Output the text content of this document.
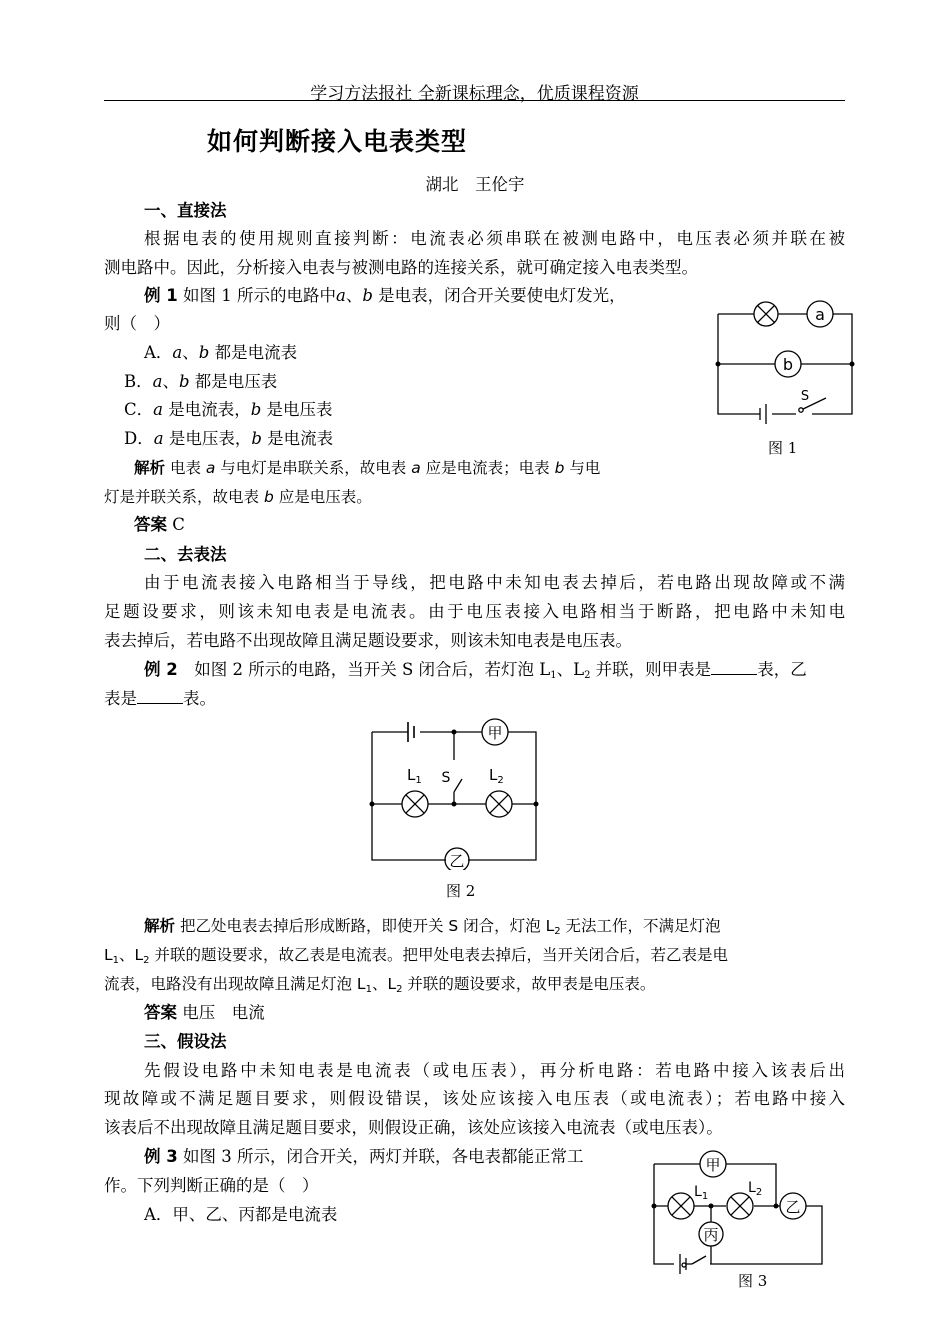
学习方法报社 全新课标理念，优质课程资源
如何判断接入电表类型
湖北　王伦宇
一、直接法
根据电表的使用规则直接判断：电流表必须串联在被测电路中，电压表必须并联在被
测电路中。因此，分析接入电表与被测电路的连接关系，就可确定接入电表类型。
例 1 如图 1 所示的电路中a、b 是电表，闭合开关要使电灯发光，
则（　）
A．a、b 都是电流表
B．a、b 都是电压表
C．a 是电流表，b 是电压表
D．a 是电压表，b 是电流表
解析 电表 a 与电灯是串联关系，故电表 a 应是电流表；电表 b 与电
灯是并联关系，故电表 b 应是电压表。
答案 C
a
b
S
图 1
二、去表法
由于电流表接入电路相当于导线，把电路中未知电表去掉后，若电路出现故障或不满
足题设要求，则该未知电表是电流表。由于电压表接入电路相当于断路，把电路中未知电
表去掉后，若电路不出现故障且满足题设要求，则该未知电表是电压表。
例 2　如图 2 所示的电路，当开关 S 闭合后，若灯泡 $L_1$、$L_2$ 并联，则甲表是	表，乙
表是	表。
甲
乙
$L_1$	$L_2$
S
图 2
解析 把乙处电表去掉后形成断路，即使开关 S 闭合，灯泡 $L_2$ 无法工作，不满足灯泡
$L_1$、$L_2$ 并联的题设要求，故乙表是电流表。把甲处电表去掉后，当开关闭合后，若乙表是电
流表，电路没有出现故障且满足灯泡 $L_1$、$L_2$ 并联的题设要求，故甲表是电压表。
答案 电压　电流
三、假设法
先假设电路中未知电表是电流表（或电压表），再分析电路：若电路中接入该表后出
现故障或不满足题目要求，则假设错误，该处应该接入电压表（或电流表）；若电路中接入
该表后不出现故障且满足题目要求，则假设正确，该处应该接入电流表（或电压表）。
例 3 如图 3 所示，闭合开关，两灯并联，各电表都能正常工
作。下列判断正确的是（　）
A．甲、乙、丙都是电流表
甲
乙
丙
$L_1$
$L_2$
图 3
